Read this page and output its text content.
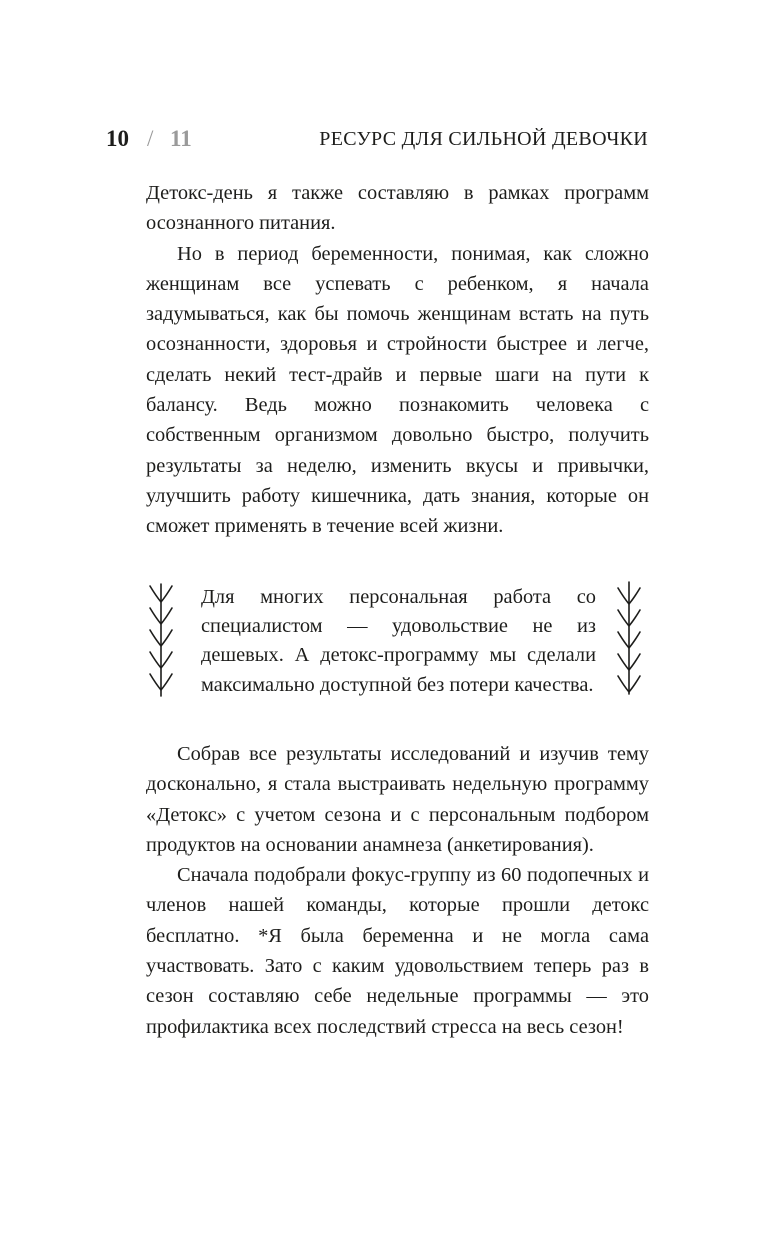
10 / 11	РЕСУРС ДЛЯ СИЛЬНОЙ ДЕВОЧКИ

Детокс-день я также составляю в рамках программ осознанного питания.

Но в период беременности, понимая, как сложно женщинам все успевать с ребенком, я начала задумываться, как бы помочь женщинам встать на путь осознанности, здоровья и стройности быстрее и легче, сделать некий тест-драйв и первые шаги на пути к балансу. Ведь можно познакомить человека с собственным организмом довольно быстро, получить результаты за неделю, изменить вкусы и привычки, улучшить работу кишечника, дать знания, которые он сможет применять в течение всей жизни.

Для многих персональная работа со специалистом — удовольствие не из дешевых. А детокс-программу мы сделали максимально доступной без потери качества.

Собрав все результаты исследований и изучив тему досконально, я стала выстраивать недельную программу «Детокс» с учетом сезона и с персональным подбором продуктов на основании анамнеза (анкетирования).

Сначала подобрали фокус-группу из 60 подопечных и членов нашей команды, которые прошли детокс бесплатно. *Я была беременна и не могла сама участвовать. Зато с каким удовольствием теперь раз в сезон составляю себе недельные программы — это профилактика всех последствий стресса на весь сезон!
